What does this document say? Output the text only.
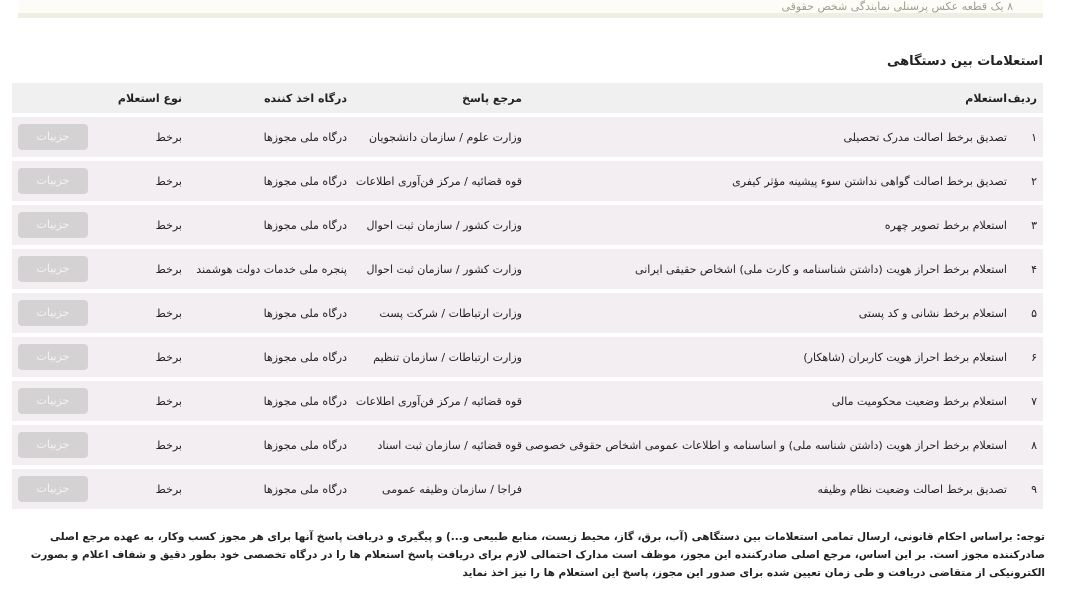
۸ یک قطعه عکس پرسنلی نمایندگی شخص حقوقی
استعلامات بین دستگاهی
ردیف	استعلام	مرجع پاسخ	درگاه اخذ کننده	نوع استعلام	
۱	تصدیق برخط اصالت مدرک تحصیلی	وزارت علوم / سازمان دانشجویان	درگاه ملی مجوزها	برخط	جزییات
۲	تصدیق برخط اصالت گواهی نداشتن سوء پیشینه مؤثر کیفری	قوه قضائیه / مرکز فن‌آوری اطلاعات	درگاه ملی مجوزها	برخط	جزییات
۳	استعلام برخط تصویر چهره	وزارت کشور / سازمان ثبت احوال	درگاه ملی مجوزها	برخط	جزییات
۴	استعلام برخط احراز هویت (داشتن شناسنامه و کارت ملی) اشخاص حقیقی ایرانی	وزارت کشور / سازمان ثبت احوال	پنجره ملی خدمات دولت هوشمند	برخط	جزییات
۵	استعلام برخط نشانی و کد پستی	وزارت ارتباطات / شرکت پست	درگاه ملی مجوزها	برخط	جزییات
۶	استعلام برخط احراز هویت کاربران (شاهکار)	وزارت ارتباطات / سازمان تنظیم	درگاه ملی مجوزها	برخط	جزییات
۷	استعلام برخط وضعیت محکومیت مالی	قوه قضائیه / مرکز فن‌آوری اطلاعات	درگاه ملی مجوزها	برخط	جزییات
۸	استعلام برخط احراز هویت (داشتن شناسه ملی) و اساسنامه و اطلاعات عمومی اشخاص حقوقی خصوصی	قوه قضائیه / سازمان ثبت اسناد	درگاه ملی مجوزها	برخط	جزییات
۹	تصدیق برخط اصالت وضعیت نظام وظیفه	فراجا / سازمان وظیفه عمومی	درگاه ملی مجوزها	برخط	جزییات
توجه: براساس احکام قانونی، ارسال تمامی استعلامات بین دستگاهی (آب، برق، گاز، محیط زیست، منابع طبیعی و...) و پیگیری و دریافت پاسخ آنها برای هر مجوز کسب وکار، به عهده مرجع اصلی صادرکننده مجوز است. بر این اساس، مرجع اصلی صادرکننده این مجوز، موظف است مدارک احتمالی لازم برای دریافت پاسخ استعلام ها را در درگاه تخصصی خود بطور دقیق و شفاف اعلام و بصورت الکترونیکی از متقاضی دریافت و طی زمان تعیین شده برای صدور این مجوز، پاسخ این استعلام ها را نیز اخذ نماید
